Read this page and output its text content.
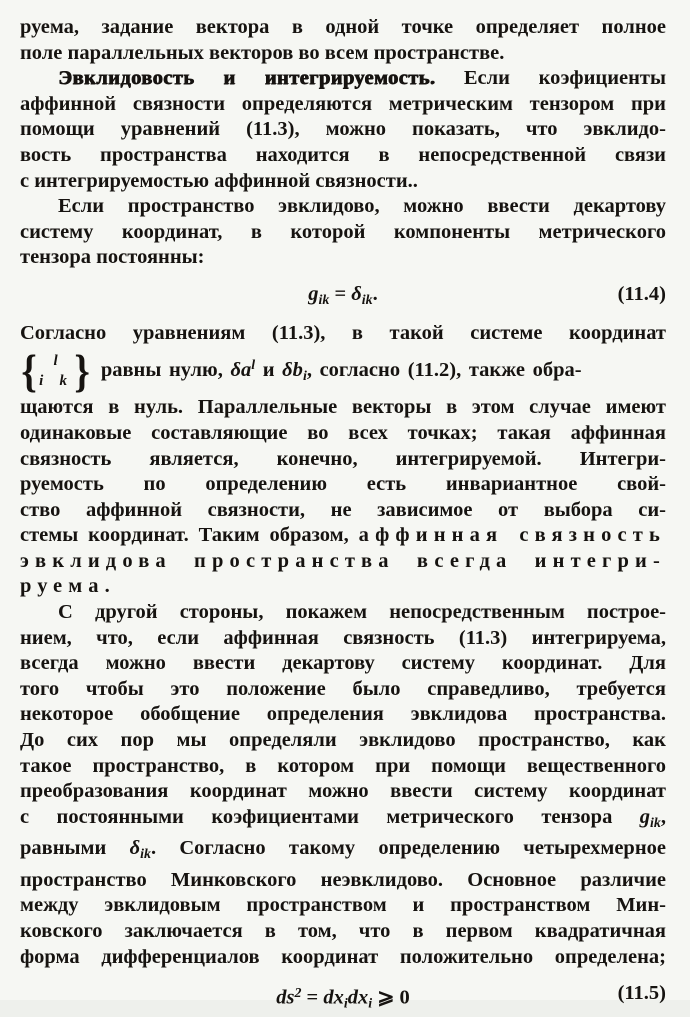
руема, задание вектора в одной точке определяет полное
поле параллельных векторов во всем пространстве.
Эвклидовость и интегрируемость. Если коэфициенты
аффинной связности определяются метрическим тензором при
помощи уравнений (11.3), можно показать, что эвклидо-
вость пространства находится в непосредственной связи
с интегрируемостью аффинной связности..
Если пространство эвклидово, можно ввести декартову
систему координат, в которой компоненты метрического
тензора постоянны:
$g_{ik} = \delta_{ik}$.	(11.4)
Согласно уравнениям (11.3), в такой системе координат
{ l
i k } равны нулю, $\delta a^l$ и $\delta b_i$, согласно (11.2), также обра-
щаются в нуль. Параллельные векторы в этом случае имеют
одинаковые составляющие во всех точках; такая аффинная
связность является, конечно, интегрируемой. Интегри-
руемость по определению есть инвариантное свой-
ство аффинной связности, не зависимое от выбора си-
стемы координат. Таким образом, аффинная связность
эвклидова пространства всегда интегри-
руема.
С другой стороны, покажем непосредственным построе-
нием, что, если аффинная связность (11.3) интегрируема,
всегда можно ввести декартову систему координат. Для
того чтобы это положение было справедливо, требуется
некоторое обобщение определения эвклидова пространства.
До сих пор мы определяли эвклидово пространство, как
такое пространство, в котором при помощи вещественного
преобразования координат можно ввести систему координат
с постоянными коэфициентами метрического тензора $g_{ik}$,
равными $\delta_{ik}$. Согласно такому определению четырехмерное
пространство Минковского неэвклидово. Основное различие
между эвклидовым пространством и пространством Мин-
ковского заключается в том, что в первом квадратичная
форма дифференциалов координат положительно определена;
$ds^2 = dx_idx_i$ ⩾ 0	(11.5)
